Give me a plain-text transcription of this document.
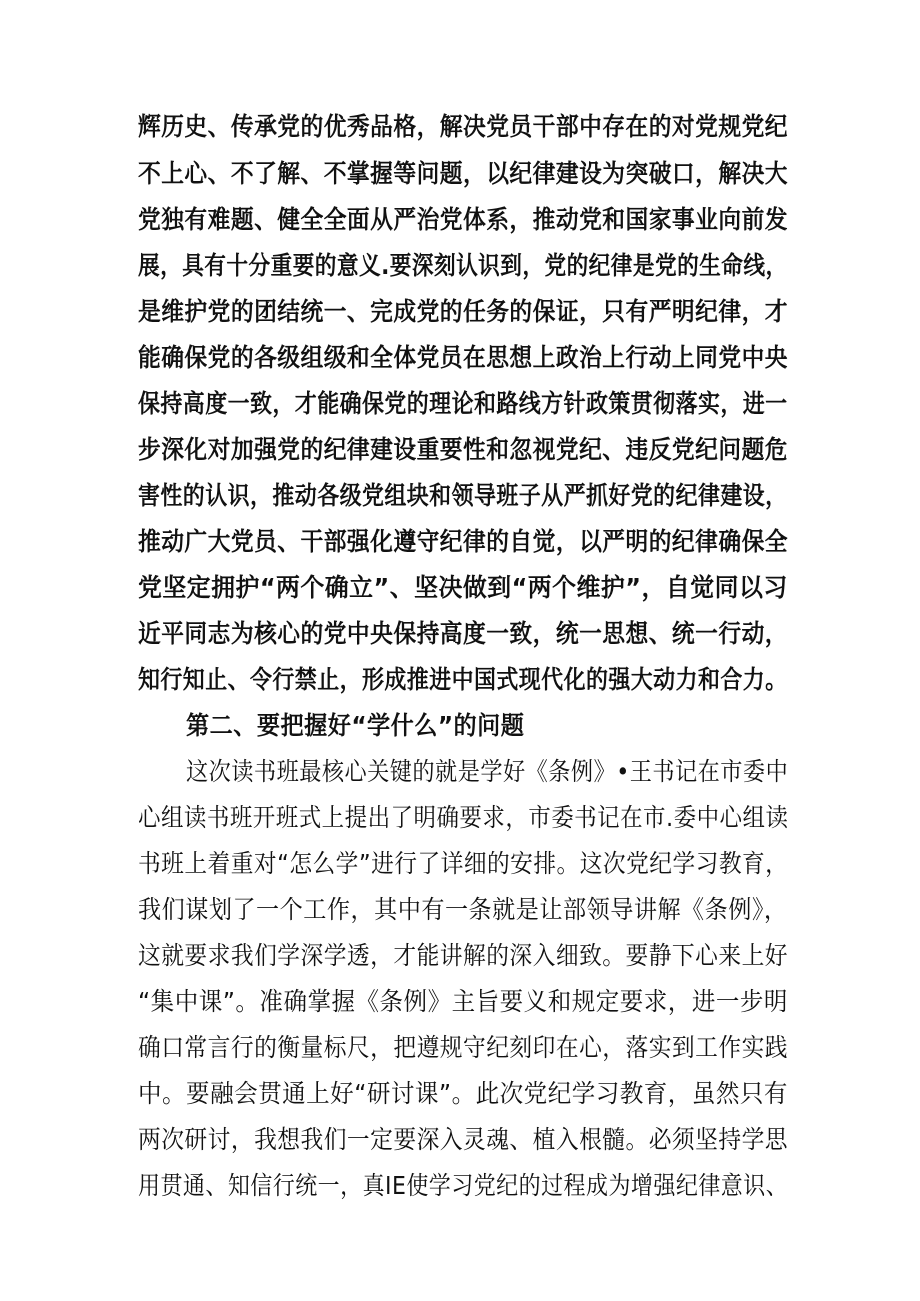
辉历史、传承党的优秀品格，解决党员干部中存在的对党规党纪
不上心、不了解、不掌握等问题，以纪律建设为突破口，解决大
党独有难题、健全全面从严治党体系，推动党和国家事业向前发
展，具有十分重要的意义.要深刻认识到，党的纪律是党的生命线，
是维护党的团结统一、完成党的任务的保证，只有严明纪律，才
能确保党的各级组级和全体党员在思想上政治上行动上同党中央
保持高度一致，才能确保党的理论和路线方针政策贯彻落实，进一
步深化对加强党的纪律建设重要性和忽视党纪、违反党纪问题危
害性的认识，推动各级党组块和领导班子从严抓好党的纪律建设，
推动广大党员、干部强化遵守纪律的自觉，以严明的纪律确保全
党坚定拥护“两个确立”、坚决做到“两个维护”，自觉同以习
近平同志为核心的党中央保持高度一致，统一思想、统一行动，
知行知止、令行禁止，形成推进中国式现代化的强大动力和合力。
第二、要把握好“学什么”的问题
这次读书班最核心关键的就是学好《条例》•王书记在市委中
心组读书班开班式上提出了明确要求，市委书记在市.委中心组读
书班上着重对“怎么学”进行了详细的安排。这次党纪学习教育，
我们谋划了一个工作，其中有一条就是让部领导讲解《条例》，
这就要求我们学深学透，才能讲解的深入细致。要静下心来上好
“集中课”。准确掌握《条例》主旨要义和规定要求，进一步明
确口常言行的衡量标尺，把遵规守纪刻印在心，落实到工作实践
中。要融会贯通上好“研讨课”。此次党纪学习教育，虽然只有
两次研讨，我想我们一定要深入灵魂、植入根髓。必须坚持学思
用贯通、知信行统一，真IE使学习党纪的过程成为增强纪律意识、
